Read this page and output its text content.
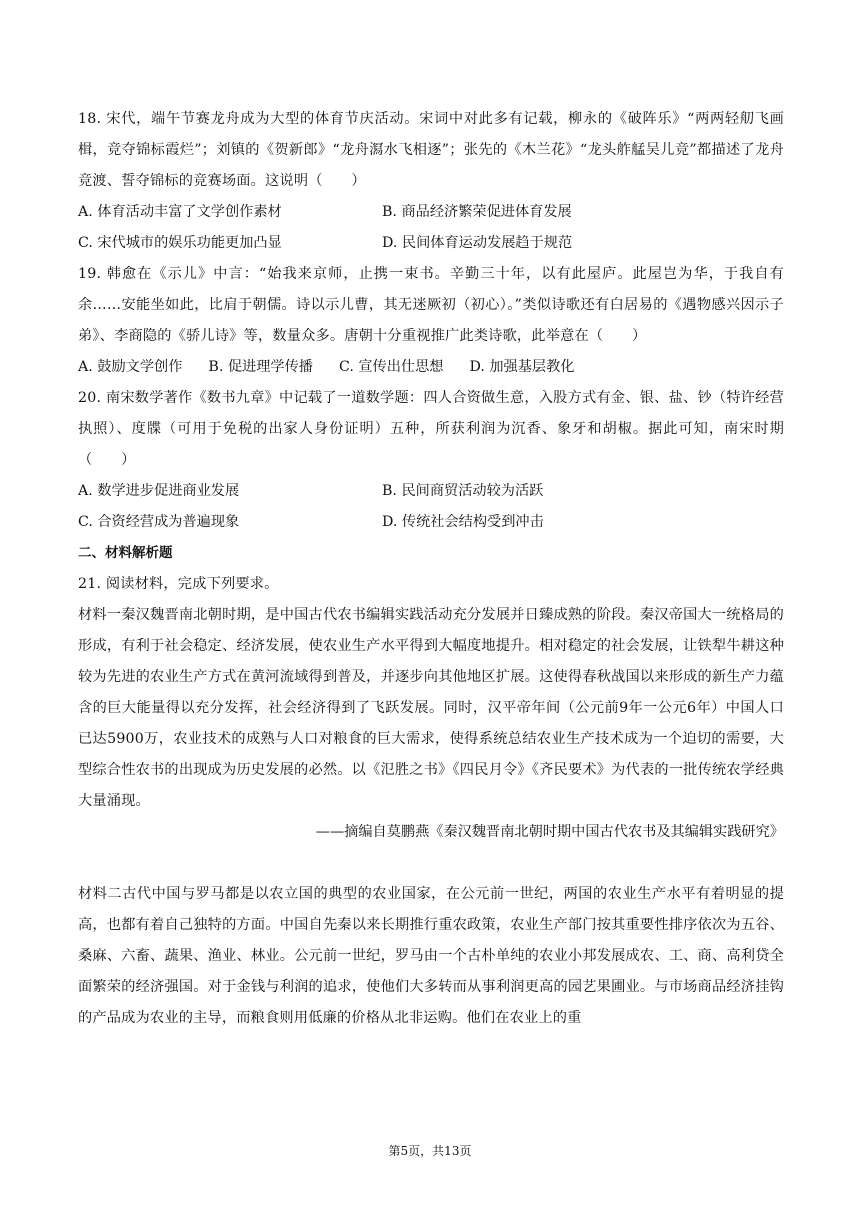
18. 宋代，端午节赛龙舟成为大型的体育节庆活动。宋词中对此多有记载，柳永的《破阵乐》“两两轻舠飞画楫，竞夺锦标霞烂”；刘镇的《贺新郎》“龙舟㵼水飞相逐”；张先的《木兰花》“龙头舴艋吴儿竞”都描述了龙舟竞渡、誓夺锦标的竞赛场面。这说明（　　）

A. 体育活动丰富了文学创作素材	B. 商品经济繁荣促进体育发展
C. 宋代城市的娱乐功能更加凸显	D. 民间体育运动发展趋于规范

19. 韩愈在《示儿》中言：“始我来京师，止携一束书。辛勤三十年，以有此屋庐。此屋岂为华，于我自有余……安能坐如此，比肩于朝儒。诗以示儿曹，其无迷厥初（初心）。”类似诗歌还有白居易的《遇物感兴因示子弟》、李商隐的《骄儿诗》等，数量众多。唐朝十分重视推广此类诗歌，此举意在（　　）

A. 鼓励文学创作 B. 促进理学传播 C. 宣传出仕思想 D. 加强基层教化

20. 南宋数学著作《数书九章》中记载了一道数学题：四人合资做生意，入股方式有金、银、盐、钞（特许经营执照）、度牒（可用于免税的出家人身份证明）五种，所获利润为沉香、象牙和胡椒。据此可知，南宋时期（　　）

A. 数学进步促进商业发展	B. 民间商贸活动较为活跃
C. 合资经营成为普遍现象	D. 传统社会结构受到冲击

二、材料解析题

21. 阅读材料，完成下列要求。

材料一秦汉魏晋南北朝时期，是中国古代农书编辑实践活动充分发展并日臻成熟的阶段。秦汉帝国大一统格局的形成，有利于社会稳定、经济发展，使农业生产水平得到大幅度地提升。相对稳定的社会发展，让铁犁牛耕这种较为先进的农业生产方式在黄河流域得到普及，并逐步向其他地区扩展。这使得春秋战国以来形成的新生产力蕴含的巨大能量得以充分发挥，社会经济得到了飞跃发展。同时，汉平帝年间（公元前9年一公元6年）中国人口已达5900万，农业技术的成熟与人口对粮食的巨大需求，使得系统总结农业生产技术成为一个迫切的需要，大型综合性农书的出现成为历史发展的必然。以《氾胜之书》《四民月令》《齐民要术》为代表的一批传统农学经典大量涌现。

——摘编自莫鹏燕《秦汉魏晋南北朝时期中国古代农书及其编辑实践研究》

材料二古代中国与罗马都是以农立国的典型的农业国家，在公元前一世纪，两国的农业生产水平有着明显的提高，也都有着自己独特的方面。中国自先秦以来长期推行重农政策，农业生产部门按其重要性排序依次为五谷、桑麻、六畜、蔬果、渔业、林业。公元前一世纪，罗马由一个古朴单纯的农业小邦发展成农、工、商、高利贷全面繁荣的经济强国。对于金钱与利润的追求，使他们大多转而从事利润更高的园艺果圃业。与市场商品经济挂钩的产品成为农业的主导，而粮食则用低廉的价格从北非运购。他们在农业上的重

第5页，共13页
